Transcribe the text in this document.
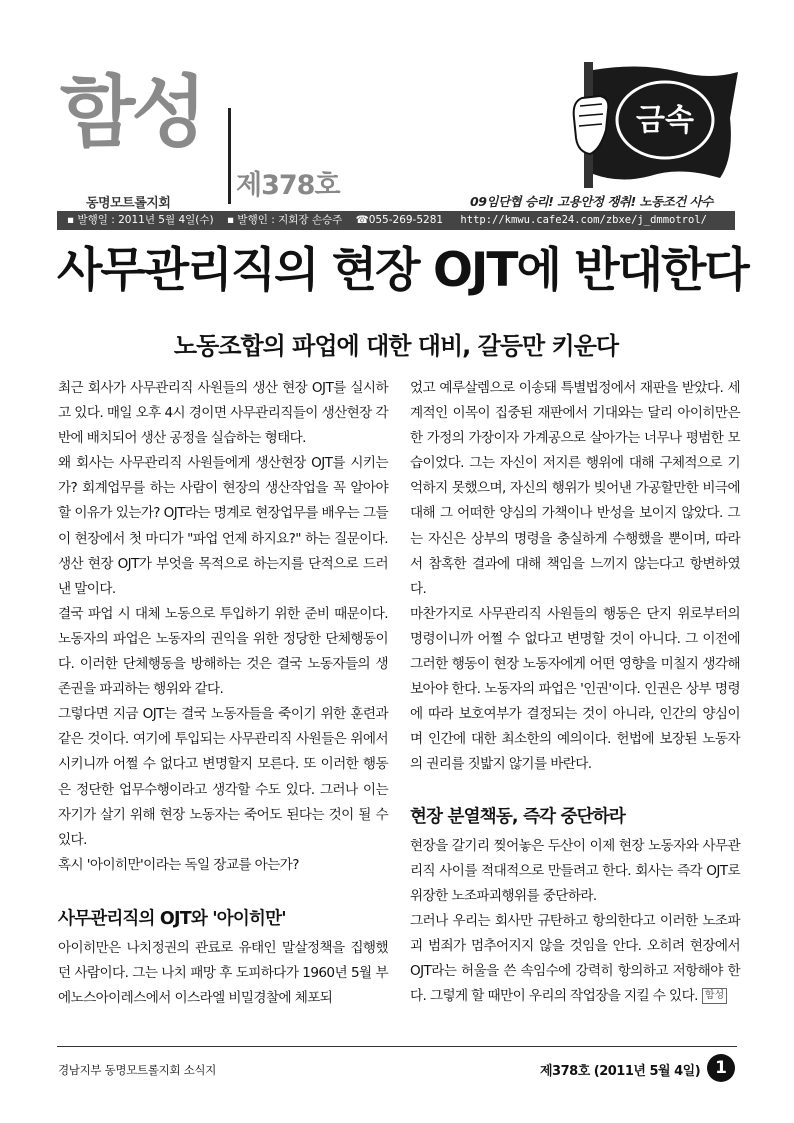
함성
제378호
동명모트롤지회	09임단협 승리! 고용안정 쟁취! 노동조건 사수
금속
▪ 발행일 : 2011년 5월 4일(수) ▪ 발행인 : 지회장 손승주 ☎055-269-5281 http://kmwu.cafe24.com/zbxe/j_dmmotrol/
사무관리직의 현장 OJT에 반대한다
노동조합의 파업에 대한 대비, 갈등만 키운다

최근 회사가 사무관리직 사원들의 생산 현장 OJT를 실시하고 있다. 매일 오후 4시 경이면 사무관리직들이 생산현장 각 반에 배치되어 생산 공정을 실습하는 형태다.

왜 회사는 사무관리직 사원들에게 생산현장 OJT를 시키는가? 회계업무를 하는 사람이 현장의 생산작업을 꼭 알아야 할 이유가 있는가? OJT라는 명계로 현장업무를 배우는 그들이 현장에서 첫 마디가 "파업 언제 하지요?" 하는 질문이다. 생산 현장 OJT가 부엇을 목적으로 하는지를 단적으로 드러낸 말이다.

결국 파업 시 대체 노동으로 투입하기 위한 준비 때문이다. 노동자의 파업은 노동자의 권익을 위한 정당한 단체행동이다. 이러한 단체행동을 방해하는 것은 결국 노동자들의 생존권을 파괴하는 행위와 같다.

그렇다면 지금 OJT는 결국 노동자들을 죽이기 위한 훈련과 같은 것이다. 여기에 투입되는 사무관리직 사원들은 위에서 시키니까 어쩔 수 없다고 변명할지 모른다. 또 이러한 행동은 정단한 업무수행이라고 생각할 수도 있다. 그러나 이는 자기가 살기 위해 현장 노동자는 죽어도 된다는 것이 될 수 있다.

혹시 '아이히만'이라는 독일 장교를 아는가?

사무관리직의 OJT와 '아이히만'

아이히만은 나치정권의 관료로 유태인 말살정책을 집행했던 사람이다. 그는 나치 패망 후 도피하다가 1960년 5월 부에노스아이레스에서 이스라엘 비밀경찰에 체포되

었고 예루살렘으로 이송돼 특별법정에서 재판을 받았다. 세계적인 이목이 집중된 재판에서 기대와는 달리 아이히만은 한 가정의 가장이자 가계공으로 살아가는 너무나 평범한 모습이었다. 그는 자신이 저지른 행위에 대해 구체적으로 기억하지 못했으며, 자신의 행위가 빚어낸 가공할만한 비극에 대해 그 어떠한 양심의 가책이나 반성을 보이지 않았다. 그는 자신은 상부의 명령을 충실하게 수행했을 뿐이며, 따라서 참혹한 결과에 대해 책임을 느끼지 않는다고 항변하였다.

마찬가지로 사무관리직 사원들의 행동은 단지 위로부터의 명령이니까 어쩔 수 없다고 변명할 것이 아니다. 그 이전에 그러한 행동이 현장 노동자에게 어떤 영향을 미칠지 생각해 보아야 한다. 노동자의 파업은 '인권'이다. 인권은 상부 명령에 따라 보호여부가 결정되는 것이 아니라, 인간의 양심이며 인간에 대한 최소한의 예의이다. 헌법에 보장된 노동자의 권리를 짓밟지 않기를 바란다.

현장 분열책동, 즉각 중단하라

현장을 갈기리 찢어놓은 두산이 이제 현장 노동자와 사무관리직 사이를 적대적으로 만들려고 한다. 회사는 즉각 OJT로 위장한 노조파괴행위를 중단하라.

그러나 우리는 회사만 규탄하고 항의한다고 이러한 노조파괴 범죄가 멈추어지지 않을 것임을 안다. 오히려 현장에서 OJT라는 허울을 쓴 속임수에 강력히 항의하고 저항해야 한다. 그렇게 할 때만이 우리의 작업장을 지킬 수 있다. 함성

경남지부 동명모트롤지회 소식지	제378호 (2011년 5월 4일) 1
